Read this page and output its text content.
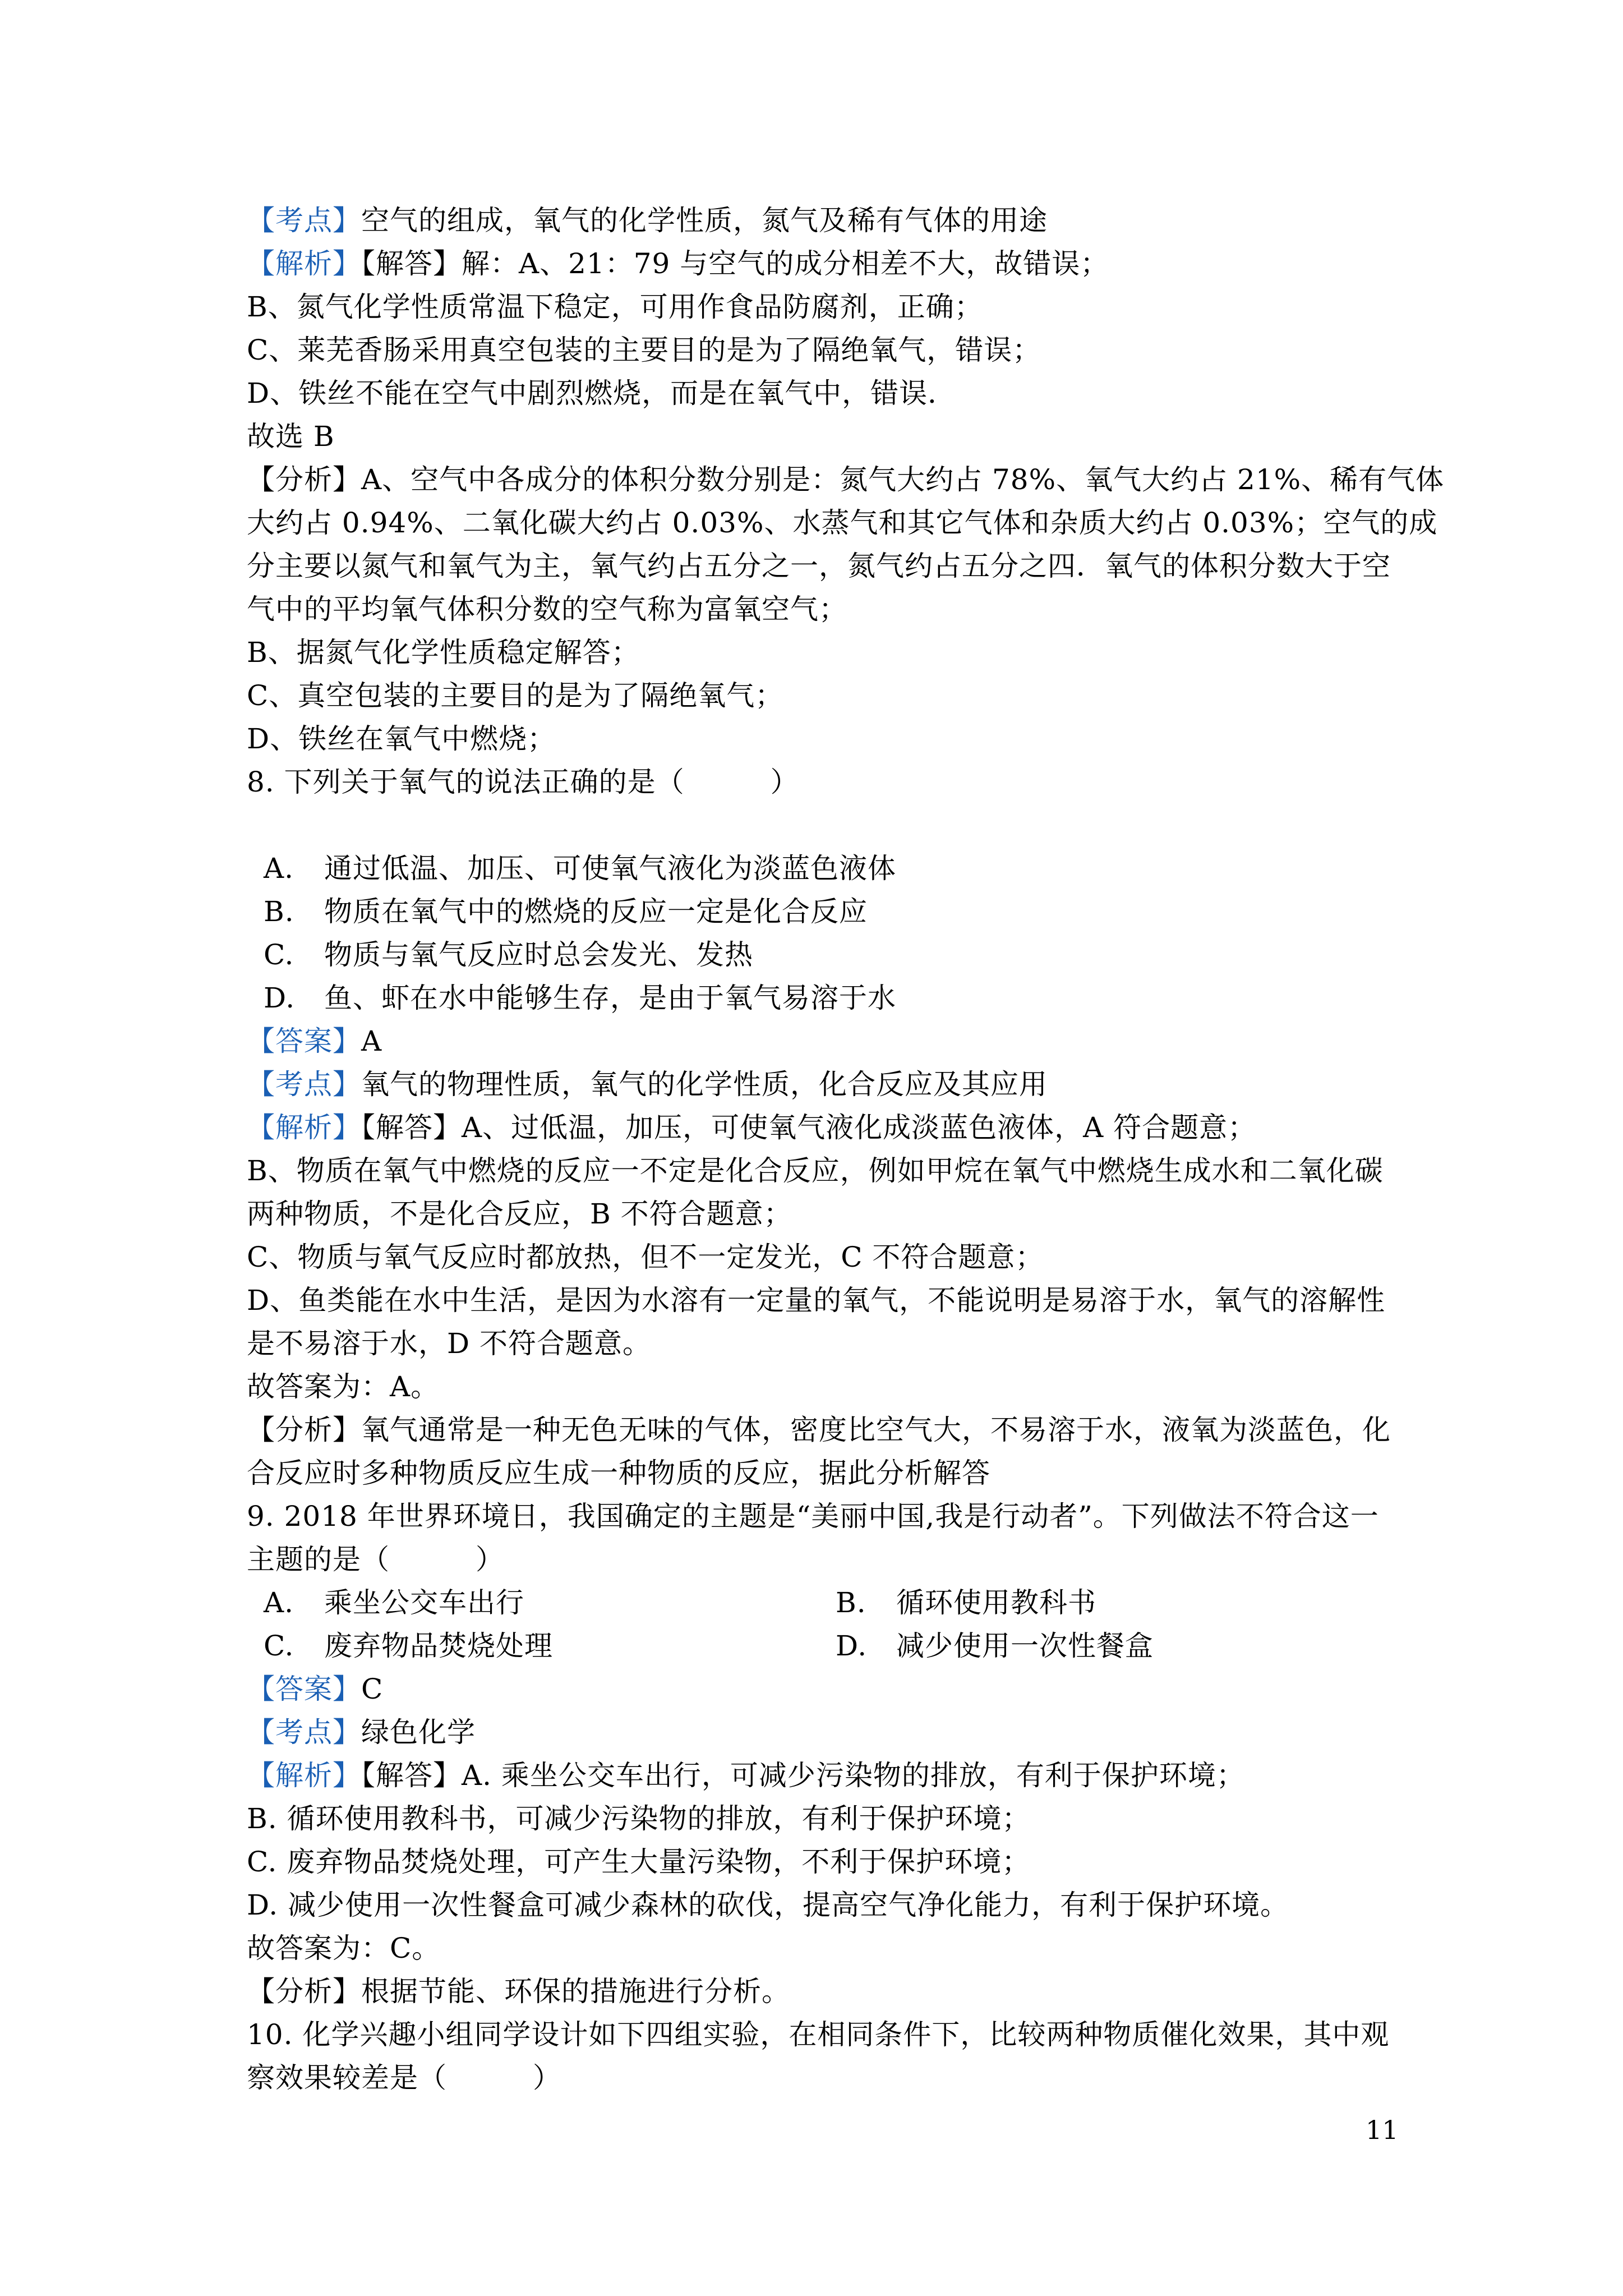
【考点】空气的组成，氧气的化学性质，氮气及稀有气体的用途
【解析】【解答】解：A、21：79 与空气的成分相差不大，故错误；
B、氮气化学性质常温下稳定，可用作食品防腐剂，正确；
C、莱芜香肠采用真空包装的主要目的是为了隔绝氧气，错误；
D、铁丝不能在空气中剧烈燃烧，而是在氧气中，错误．
故选 B
【分析】A、空气中各成分的体积分数分别是：氮气大约占 78%、氧气大约占 21%、稀有气体
大约占 0.94%、二氧化碳大约占 0.03%、水蒸气和其它气体和杂质大约占 0.03%；空气的成
分主要以氮气和氧气为主，氧气约占五分之一，氮气约占五分之四．氧气的体积分数大于空
气中的平均氧气体积分数的空气称为富氧空气；
B、据氮气化学性质稳定解答；
C、真空包装的主要目的是为了隔绝氧气；
D、铁丝在氧气中燃烧；
8. 下列关于氧气的说法正确的是（　　　）
A.	通过低温、加压、可使氧气液化为淡蓝色液体
B.	物质在氧气中的燃烧的反应一定是化合反应
C.	物质与氧气反应时总会发光、发热
D.	鱼、虾在水中能够生存，是由于氧气易溶于水
【答案】A
【考点】氧气的物理性质，氧气的化学性质，化合反应及其应用
【解析】【解答】A、过低温，加压，可使氧气液化成淡蓝色液体，A 符合题意；
B、物质在氧气中燃烧的反应一不定是化合反应，例如甲烷在氧气中燃烧生成水和二氧化碳
两种物质，不是化合反应，B 不符合题意；
C、物质与氧气反应时都放热，但不一定发光，C 不符合题意；
D、鱼类能在水中生活，是因为水溶有一定量的氧气，不能说明是易溶于水，氧气的溶解性
是不易溶于水，D 不符合题意。
故答案为：A。
【分析】氧气通常是一种无色无味的气体，密度比空气大，不易溶于水，液氧为淡蓝色，化
合反应时多种物质反应生成一种物质的反应，据此分析解答
9. 2018 年世界环境日，我国确定的主题是“美丽中国,我是行动者”。下列做法不符合这一
主题的是（　　　）
A.	乘坐公交车出行	B.	循环使用教科书
C.	废弃物品焚烧处理	D.	减少使用一次性餐盒
【答案】C
【考点】绿色化学
【解析】【解答】A. 乘坐公交车出行，可减少污染物的排放，有利于保护环境；
B. 循环使用教科书，可减少污染物的排放，有利于保护环境；
C. 废弃物品焚烧处理，可产生大量污染物，不利于保护环境；
D. 减少使用一次性餐盒可减少森林的砍伐，提高空气净化能力，有利于保护环境。
故答案为：C。
【分析】根据节能、环保的措施进行分析。
10. 化学兴趣小组同学设计如下四组实验，在相同条件下，比较两种物质催化效果，其中观
察效果较差是（　　　）
11
